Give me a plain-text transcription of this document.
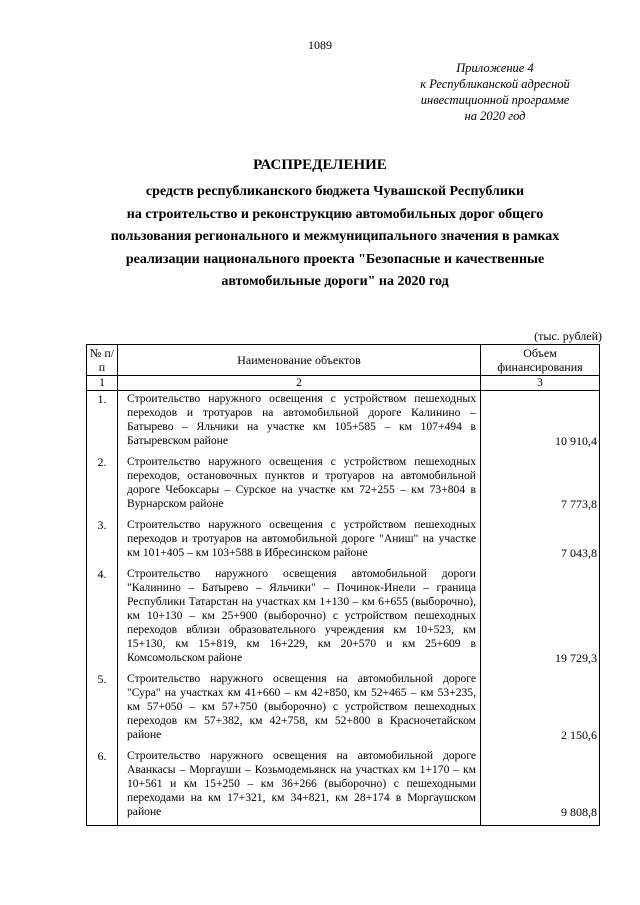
1089
Приложение 4
к Республиканской адресной
инвестиционной программе
на 2020 год
РАСПРЕДЕЛЕНИЕ
средств республиканского бюджета Чувашской Республики
на строительство и реконструкцию автомобильных дорог общего
пользования регионального и межмуниципального значения в рамках
реализации национального проекта "Безопасные и качественные
автомобильные дороги" на 2020 год
(тыс. рублей)
№ п/п	Наименование объектов	Объем финансирования
1	2	3
1.	Строительство наружного освещения с устройством пешеходных переходов и тротуаров на автомобильной дороге Калинино – Батырево – Яльчики на участке км 105+585 – км 107+494 в Батыревском районе	10 910,4
2.	Строительство наружного освещения с устройством пешеходных переходов, остановочных пунктов и тротуаров на автомобильной дороге Чебоксары – Сурское на участке км 72+255 – км 73+804 в Вурнарском районе	7 773,8
3.	Строительство наружного освещения с устройством пешеходных переходов и тротуаров на автомобильной дороге "Аниш" на участке км 101+405 – км 103+588 в Ибресинском районе	7 043,8
4.	Строительство наружного освещения автомобильной дороги "Калинино – Батырево – Яльчики" – Починок-Инели – граница Республики Татарстан на участках км 1+130 – км 6+655 (выборочно), км 10+130 – км 25+900 (выборочно) с устройством пешеходных переходов вблизи образовательного учреждения км 10+523, км 15+130, км 15+819, км 16+229, км 20+570 и км 25+609 в Комсомольском районе	19 729,3
5.	Строительство наружного освещения на автомобильной дороге "Сура" на участках км 41+660 – км 42+850, км 52+465 – км 53+235, км 57+050 – км 57+750 (выборочно) с устройством пешеходных переходов км 57+382, км 42+758, км 52+800 в Красночетайском районе	2 150,6
6.	Строительство наружного освещения на автомобильной дороге Аванкасы – Моргауши – Козьмодемьянск на участках км 1+170 – км 10+561 и км 15+250 – км 36+266 (выборочно) с пешеходными переходами на км 17+321, км 34+821, км 28+174 в Моргаушском районе	9 808,8
